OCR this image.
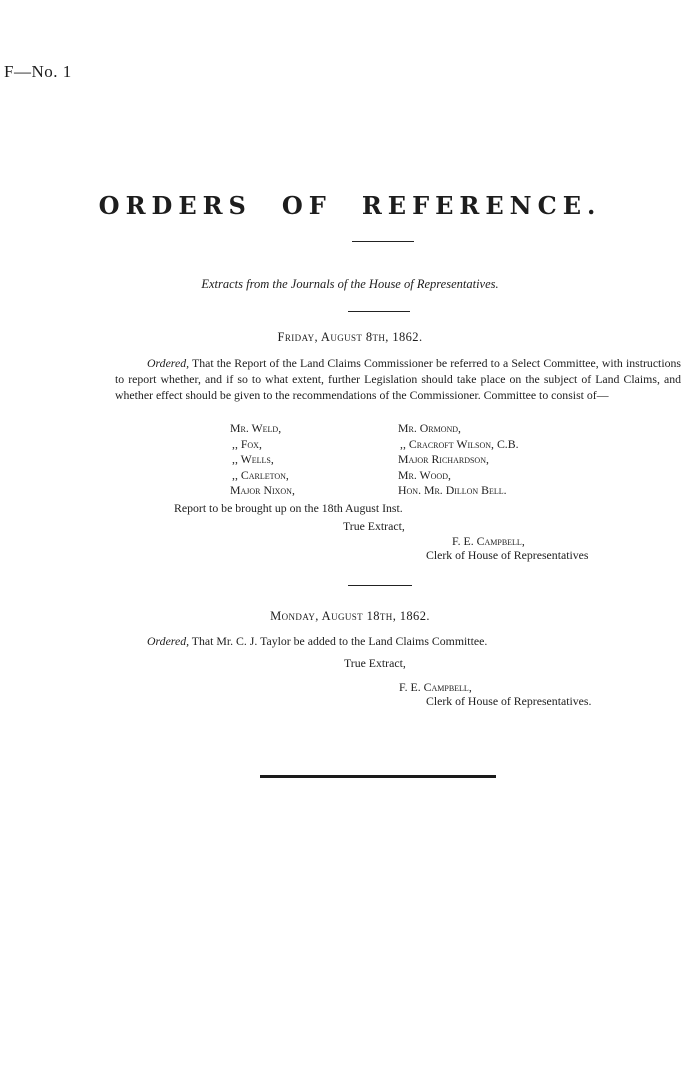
F—No. 1
ORDERS OF REFERENCE.
Extracts from the Journals of the House of Representatives.
Friday, August 8th, 1862.
Ordered, That the Report of the Land Claims Commissioner be referred to a Select Committee, with instructions to report whether, and if so to what extent, further Legislation should take place on the subject of Land Claims, and whether effect should be given to the recommendations of the Commissioner. Committee to consist of—
Mr. Weld,
,, Fox,
,, Wells,
,, Carleton,
Major Nixon,
Mr. Ormond,
,, Cracroft Wilson, C.B.
Major Richardson,
Mr. Wood,
Hon. Mr. Dillon Bell.
Report to be brought up on the 18th August Inst.
True Extract,
F. E. Campbell,
Clerk of House of Representatives
Monday, August 18th, 1862.
Ordered, That Mr. C. J. Taylor be added to the Land Claims Committee.
True Extract,
F. E. Campbell,
Clerk of House of Representatives.
